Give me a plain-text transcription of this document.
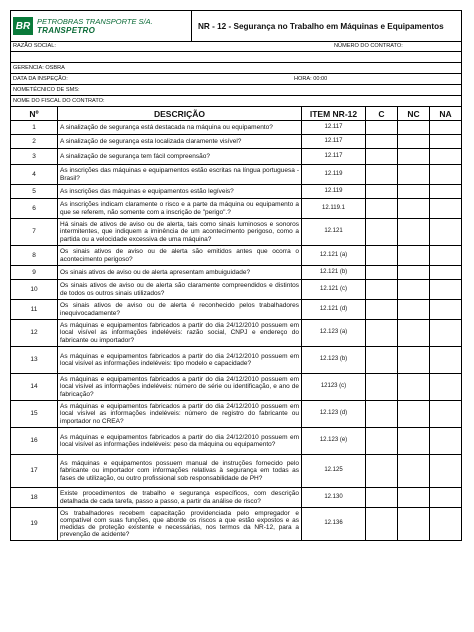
BR PETROBRAS TRANSPORTE S/A.
TRANSPETRO	NR - 12 - Segurança no Trabalho em Máquinas e Equipamentos
RAZÃO SOCIAL:	NÚMERO DO CONTRATO:
GERENCIA: OSBRA
DATA DA INSPEÇÃO:	HORA: 00:00
NOMETÉCNICO DE SMS:
NOME DO FISCAL DO CONTRATO:
Nº	DESCRIÇÃO	ITEM NR-12	C	NC	NA
1	A sinalização de segurança está destacada na máquina ou equipamento?	12.117			
2	A sinalização de segurança esta localizada claramente visível?	12.117			
3	A sinalização de segurança tem fácil compreensão?	12.117			
4	As inscrições das máquinas e equipamentos estão escritas na língua portuguesa - Brasil?	12.119			
5	As inscrições das máquinas e equipamentos estão legíveis?	12.119			
6	As inscrições indicam claramente o risco e a parte da máquina ou equipamento a que se referem, não somente com a inscrição de "perigo".?	12.119.1			
7	Há sinais de ativos de aviso ou de alerta, tais como sinais luminosos e sonoros intermitentes, que indiquem a iminência de um acontecimento perigoso, como a partida ou a velocidade excessiva de uma máquina?	12.121			
8	Os sinais ativos de aviso ou de alerta são emitidos antes que ocorra o acontecimento perigoso?	12.121 (a)			
9	Os sinais ativos de aviso ou de alerta apresentam ambuiguidade?	12.121 (b)			
10	Os sinais ativos de aviso ou de alerta são claramente compreendidos e distintos de todos os outros sinais utilizados?	12.121 (c)			
11	Os sinais ativos de aviso ou de alerta é reconhecido pelos trabalhadores inequivocadamente?	12.121 (d)			
12	As máquinas e equipamentos fabricados a partir do dia 24/12/2010 possuem em local visível as informações indeléveis: razão social, CNPJ e endereço do fabricante ou importador?	12.123 (a)			
13	As máquinas e equipamentos fabricados a partir do dia 24/12/2010 possuem em local visível as informações indeléveis: tipo modelo e capacidade?	12.123 (b)			
14	As máquinas e equipamentos fabricados a partir do dia 24/12/2010 possuem em local visível as informações indeléveis: número de série ou identificação, e ano de fabricação?	12123 (c)			
15	As máquinas e equipamentos fabricados a partir do dia 24/12/2010 possuem em local visível as informações indeléveis: número de registro do fabricante ou importador no CREA?	12.123 (d)			
16	As máquinas e equipamentos fabricados a partir do dia 24/12/2010 possuem em local visível as informações indeléveis: peso da máquina ou equipamento?	12.123 (e)			
17	As máquinas e equipamentos possuem manual de instruções fornecido pelo fabricante ou importador com informações relativas à segurança em todas as fases de utilização, ou outro profissional sob responsabilidade de PH?	12.125			
18	Existe procedimentos de trabalho e segurança específicos, com descrição detalhada de cada tarefa, passo a passo, a partir da análise de risco?	12.130			
19	Os trabalhadores recebem capacitação providenciada pelo empregador e compatível com suas funções, que aborde os riscos a que estão expostos e as medidas de proteção existente e necessárias, nos termos da NR-12, para a prevenção de acidente?	12.136			
